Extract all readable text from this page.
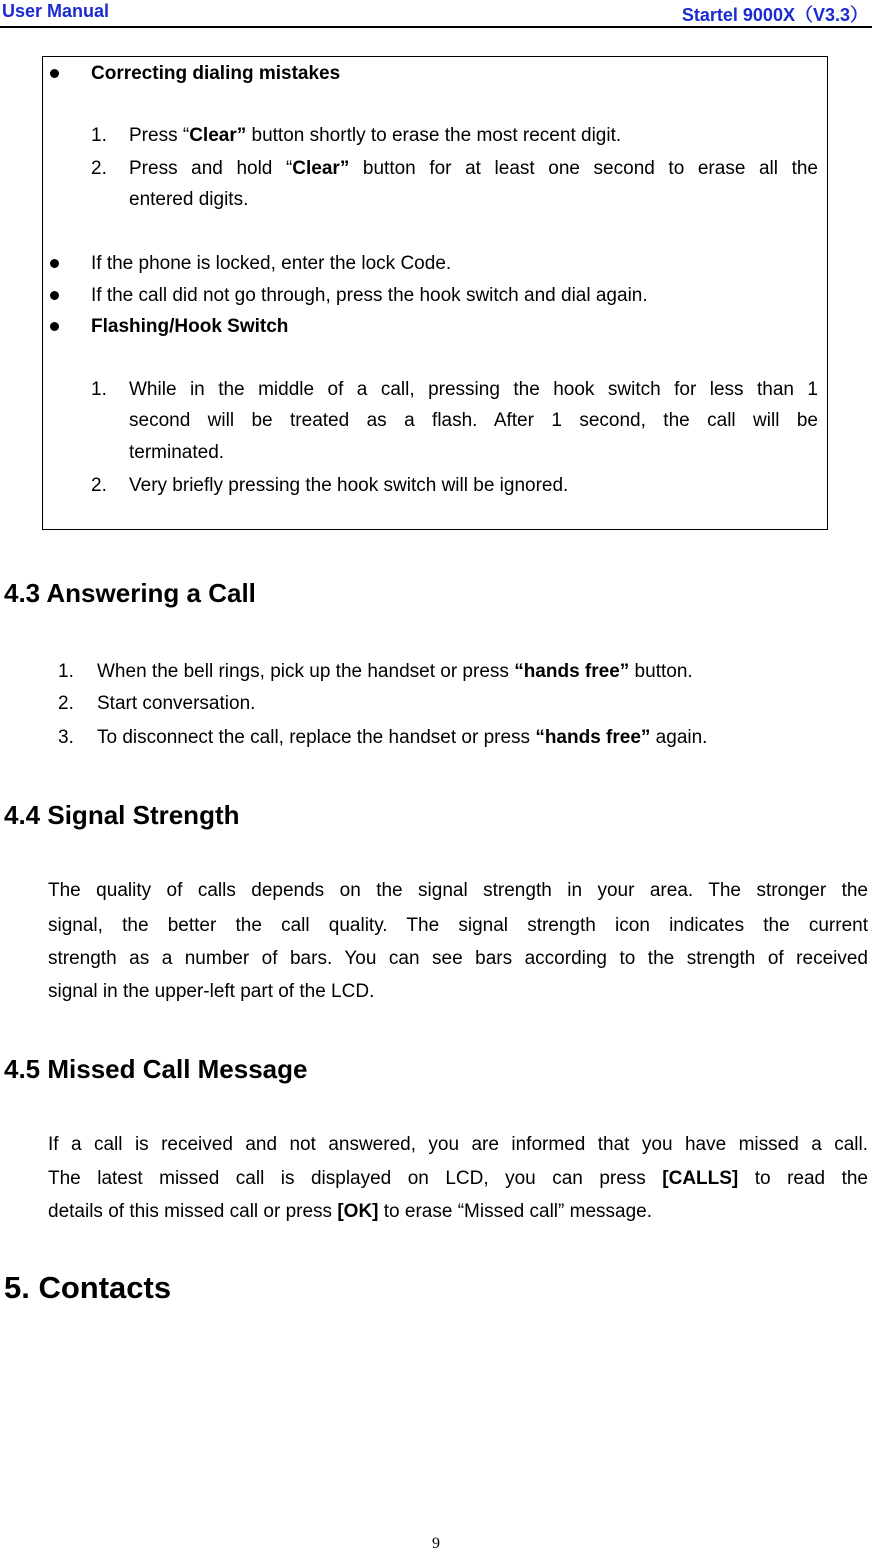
User Manual	Startel 9000X（V3.3）
Correcting dialing mistakes
1. Press “Clear” button shortly to erase the most recent digit.
2. Press and hold “Clear” button for at least one second to erase all the
entered digits.
If the phone is locked, enter the lock Code.
If the call did not go through, press the hook switch and dial again.
Flashing/Hook Switch
1. While in the middle of a call, pressing the hook switch for less than 1
second will be treated as a flash. After 1 second, the call will be
terminated.
2. Very briefly pressing the hook switch will be ignored.
4.3 Answering a Call
1. When the bell rings, pick up the handset or press “hands free” button.
2. Start conversation.
3. To disconnect the call, replace the handset or press “hands free” again.
4.4 Signal Strength
The quality of calls depends on the signal strength in your area. The stronger the
signal, the better the call quality. The signal strength icon indicates the current
strength as a number of bars. You can see bars according to the strength of received
signal in the upper-left part of the LCD.
4.5 Missed Call Message
If a call is received and not answered, you are informed that you have missed a call.
The latest missed call is displayed on LCD, you can press [CALLS] to read the
details of this missed call or press [OK] to erase “Missed call” message.
5. Contacts
9
